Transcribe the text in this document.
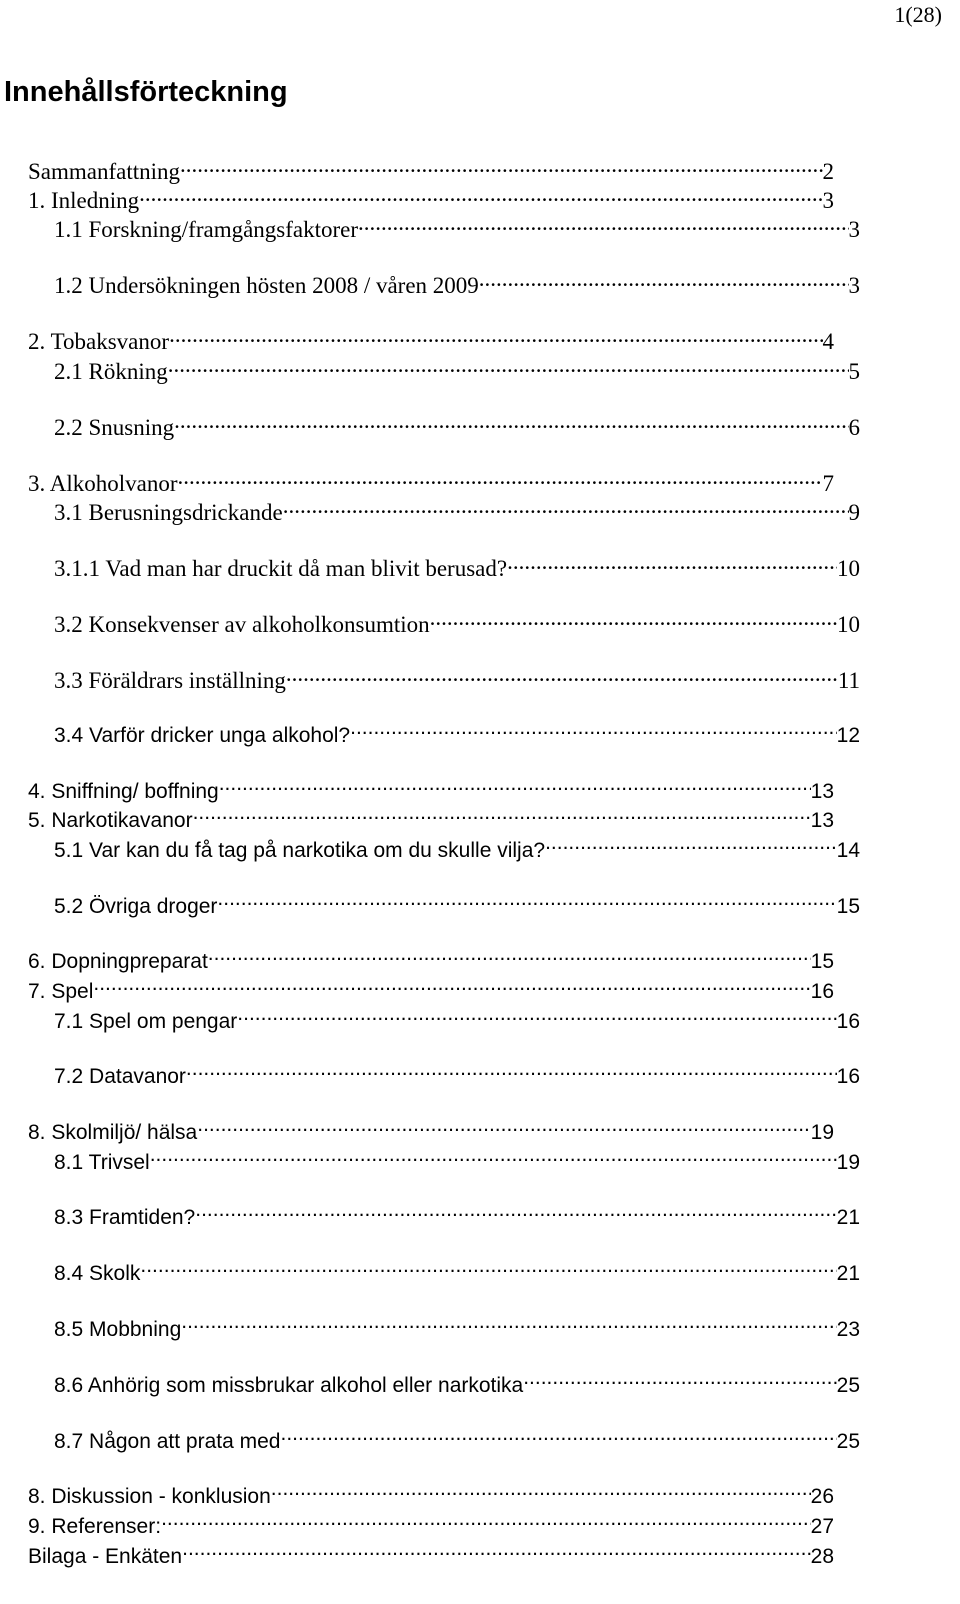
1(28)
Innehållsförteckning
Sammanfattning .....	2
1. Inledning .....	3
1.1 Forskning/framgångsfaktorer .....	3
1.2 Undersökningen hösten 2008 / våren 2009 .....	3
2. Tobaksvanor .....	4
2.1 Rökning .....	5
2.2 Snusning .....	6
3. Alkoholvanor .....	7
3.1 Berusningsdrickande .....	9
3.1.1 Vad man har druckit då man blivit berusad? .....	10
3.2 Konsekvenser av alkoholkonsumtion .....	10
3.3 Föräldrars inställning .....	11
3.4 Varför dricker unga alkohol? .....	12
4. Sniffning/ boffning .....	13
5. Narkotikavanor .....	13
5.1 Var kan du få tag på narkotika om du skulle vilja? .....	14
5.2 Övriga droger .....	15
6. Dopningpreparat .....	15
7. Spel .....	16
7.1 Spel om pengar .....	16
7.2 Datavanor .....	16
8. Skolmiljö/ hälsa .....	19
8.1 Trivsel .....	19
8.3 Framtiden? .....	21
8.4 Skolk .....	21
8.5 Mobbning .....	23
8.6 Anhörig som missbrukar alkohol eller narkotika .....	25
8.7 Någon att prata med .....	25
8. Diskussion - konklusion .....	26
9. Referenser: .....	27
Bilaga - Enkäten .....	28
